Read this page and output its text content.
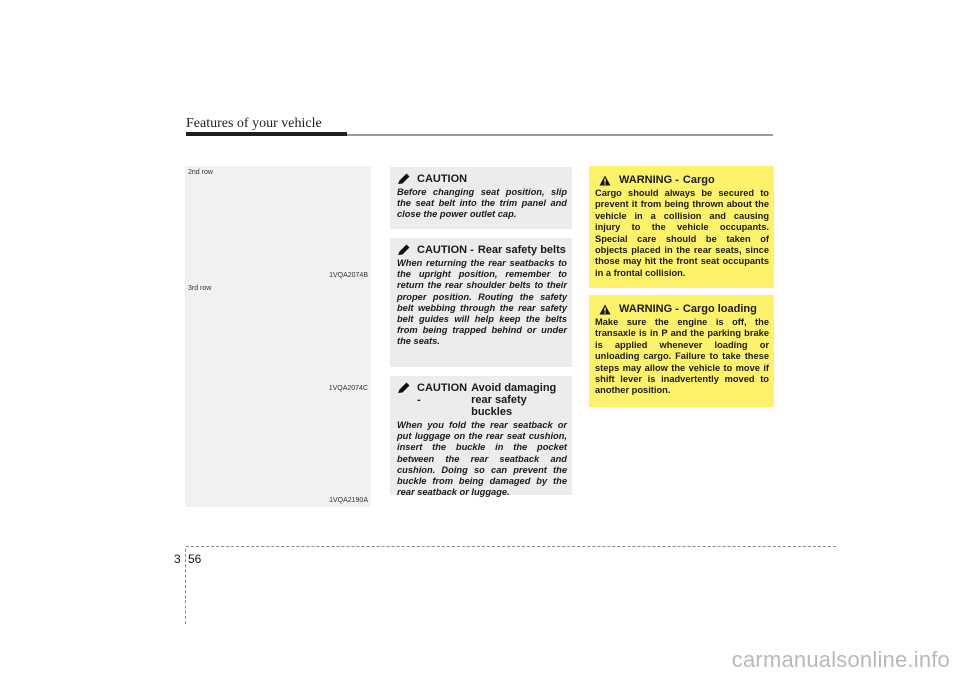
Features of your vehicle
2nd row
1VQA2074B
3rd row
1VQA2074C
1VQA2190A
CAUTION
Before changing seat position, slip the seat belt into the trim panel and close the power outlet cap.
CAUTION - Rear safety belts
When returning the rear seatbacks to the upright position, remember to return the rear shoulder belts to their proper position. Routing the safety belt webbing through the rear safety belt guides will help keep the belts from being trapped behind or under the seats.
CAUTION -
Avoid damaging rear safety buckles
When you fold the rear seatback or put luggage on the rear seat cushion, insert the buckle in the pocket between the rear seatback and cushion. Doing so can prevent the buckle from being damaged by the rear seatback or luggage.
WARNING - Cargo
Cargo should always be secured to prevent it from being thrown about the vehicle in a collision and causing injury to the vehicle occupants. Special care should be taken of objects placed in the rear seats, since those may hit the front seat occupants in a frontal collision.
WARNING - Cargo loading
Make sure the engine is off, the transaxle is in P and the parking brake is applied whenever loading or unloading cargo. Failure to take these steps may allow the vehicle to move if shift lever is inadvertently moved to another position.
3 56
carmanualsonline.info
